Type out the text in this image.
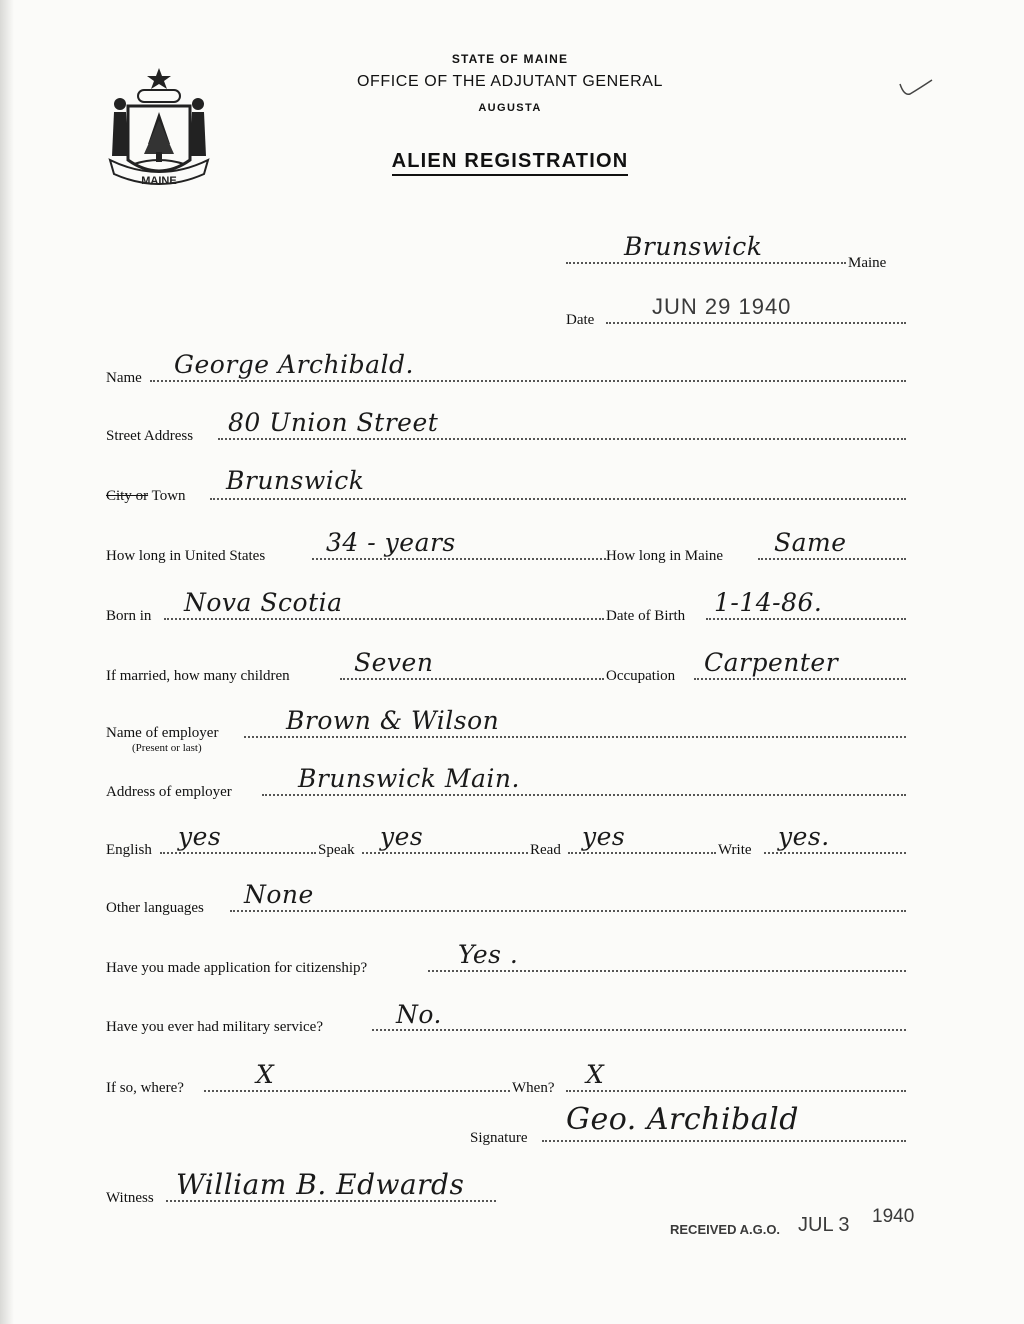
MAINE
STATE OF MAINE
OFFICE OF THE ADJUTANT GENERAL
AUGUSTA
ALIEN REGISTRATION
Brunswick
Maine
Date
JUN 29 1940
Name George Archibald.
Street Address 80 Union Street
City or Town
Brunswick
How long in United States 34 - years	How long in Maine Same
Born in Nova Scotia	Date of Birth 1-14-86.
If married, how many children	Seven	Occupation Carpenter
Name of employer
(Present or last)
Brown & Wilson
Address of employer	Brunswick Main.
English yes	Speak yes	Read yes	Write yes.
Other languages None
Have you made application for citizenship?	Yes .
Have you ever had military service?	No.
If so, where?	X	When? X
Signature
Geo. Archibald
Witness William B. Edwards
RECEIVED A.G.O. JUL 3 1940
